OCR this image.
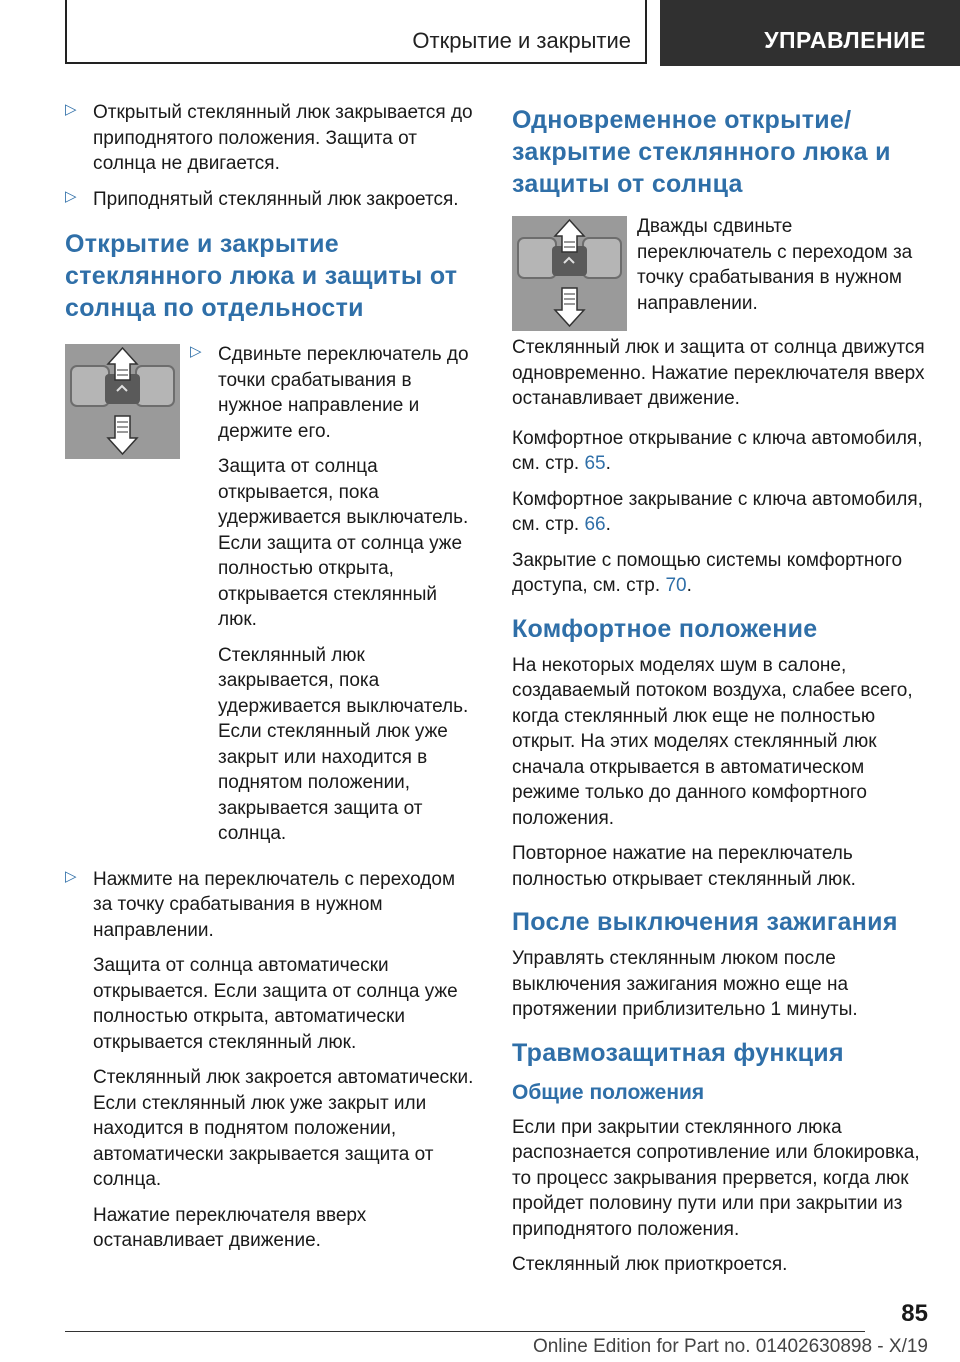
Открытие и закрытие	УПРАВЛЕНИЕ
▷

Открытый стеклянный люк закрывается до приподнятого положения. Защита от солнца не двигается.

▷

Приподнятый стеклянный люк закроется.

Открытие и закрытие стеклянного люка и защиты от солнца по отдельности
▷

Сдвиньте переключатель до точки срабатывания в нужное направление и держите его.

Защита от солнца открывается, пока удерживается выключатель. Если защита от солнца уже полностью открыта, открывается стеклянный люк.

Стеклянный люк закрывается, пока удерживается выключатель. Если стеклянный люк уже закрыт или находится в поднятом положении, закрывается защита от солнца.

▷

Нажмите на переключатель с переходом за точку срабатывания в нужном направлении.

Защита от солнца автоматически открывается. Если защита от солнца уже полностью открыта, автоматически открывается стеклянный люк.

Стеклянный люк закроется автоматически. Если стеклянный люк уже закрыт или находится в поднятом положении, автоматически закрывается защита от солнца.

Нажатие переключателя вверх останавливает движение.

Одновременное открытие/закрытие стеклянного люка и защиты от солнца

Дважды сдвиньте переключатель с переходом за точку срабатывания в нужном направлении.

Стеклянный люк и защита от солнца движутся одновременно. Нажатие переключателя вверх останавливает движение.

Комфортное открывание с ключа автомобиля, см. стр. 65.

Комфортное закрывание с ключа автомобиля, см. стр. 66.

Закрытие с помощью системы комфортного доступа, см. стр. 70.

Комфортное положение

На некоторых моделях шум в салоне, создаваемый потоком воздуха, слабее всего, когда стеклянный люк еще не полностью открыт. На этих моделях стеклянный люк сначала открывается в автоматическом режиме только до данного комфортного положения.

Повторное нажатие на переключатель полностью открывает стеклянный люк.

После выключения зажигания

Управлять стеклянным люком после выключения зажигания можно еще на протяжении приблизительно 1 минуты.

Травмозащитная функция
Общие положения

Если при закрытии стеклянного люка распознается сопротивление или блокировка, то процесс закрывания прервется, когда люк пройдет половину пути или при закрытии из приподнятого положения.

Стеклянный люк приоткроется.

85
Online Edition for Part no. 01402630898 - X/19
